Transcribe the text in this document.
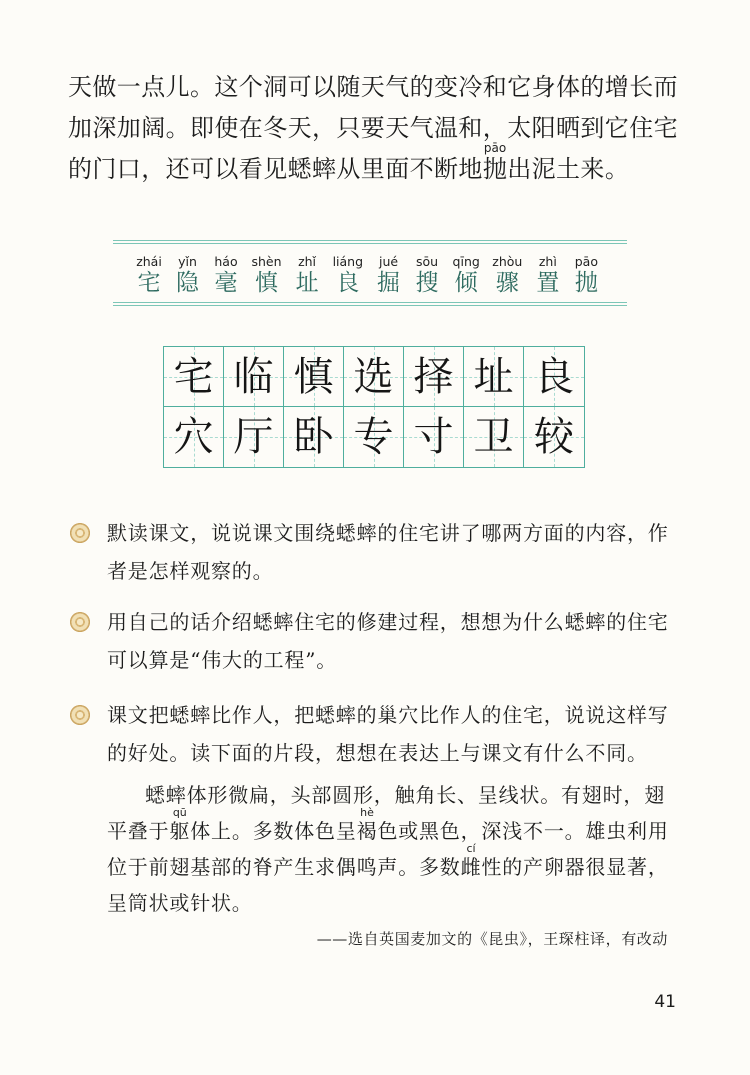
天做一点儿。这个洞可以随天气的变冷和它身体的增长而
加深加阔。即使在冬天，只要天气温和，太阳晒到它住宅
的门口，还可以看见蟋蟀从里面不断地
pāo
抛出泥土来。
zhái
宅
yǐn
隐
háo
毫
shèn
慎
zhǐ
址
liáng
良
jué
掘
sōu
搜
qīng
倾
zhòu
骤
zhì
置
pāo
抛
宅 临 慎 选 择 址 良
穴 厅 卧 专 寸 卫 较
默读课文，说说课文围绕蟋蟀的住宅讲了哪两方面的内容，作
者是怎样观察的。
用自己的话介绍蟋蟀住宅的修建过程，想想为什么蟋蟀的住宅
可以算是“伟大的工程”。
课文把蟋蟀比作人，把蟋蟀的巢穴比作人的住宅，说说这样写
的好处。读下面的片段，想想在表达上与课文有什么不同。
蟋蟀体形微扁，头部圆形，触角长、呈线状。有翅时，翅
平叠于
qū
躯体上。多数体色呈
hè
褐色或黑色，深浅不一。雄虫利用
位于前翅基部的脊产生求偶鸣声。多数
cí
雌性的产卵器很显著，
呈筒状或针状。
——选自英国麦加文的《昆虫》，王琛柱译，有改动
41
